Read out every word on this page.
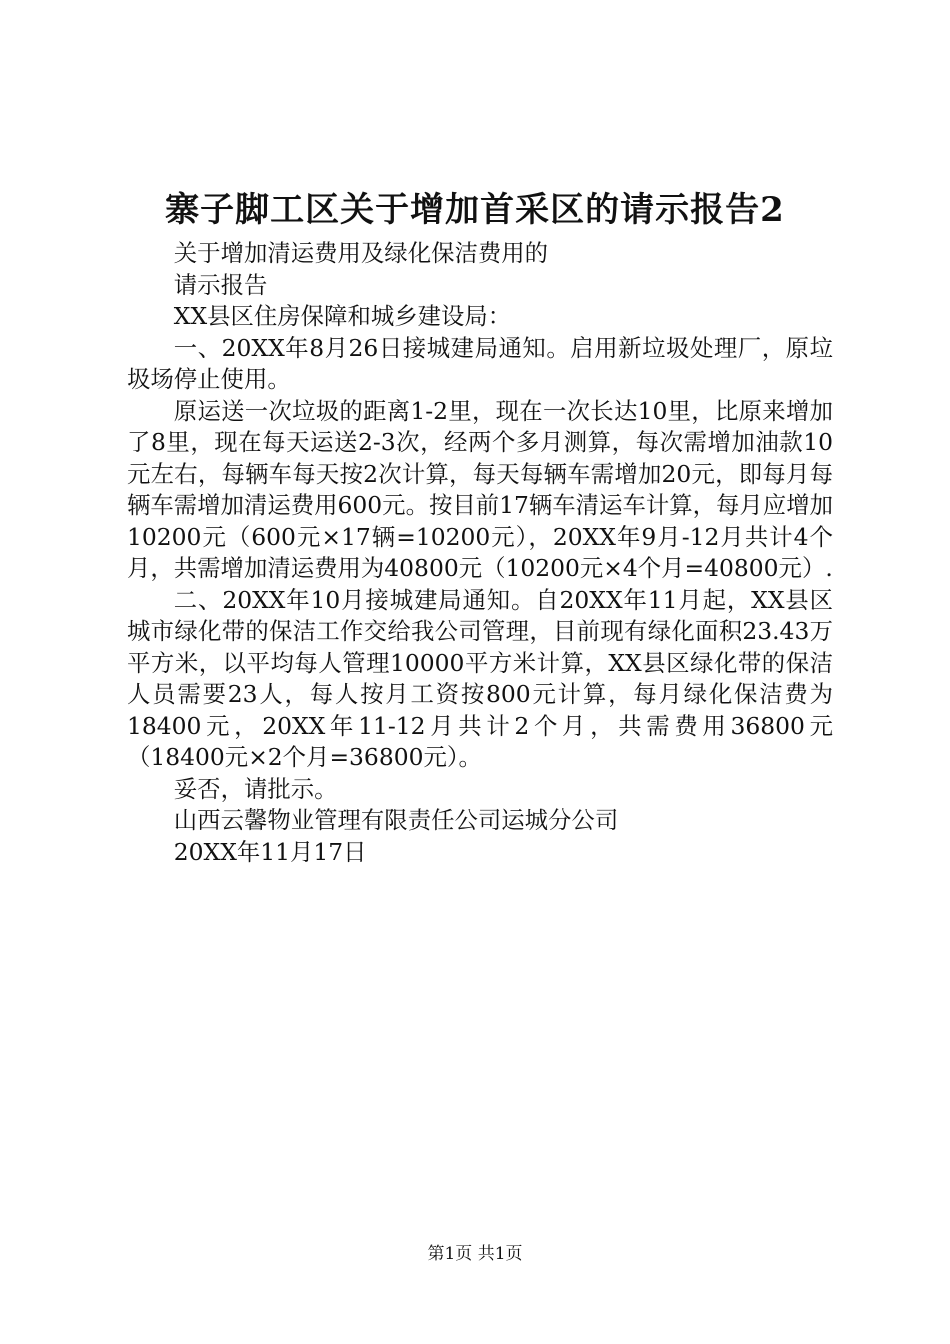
寨子脚工区关于增加首采区的请示报告2

关于增加清运费用及绿化保洁费用的

请示报告

XX县区住房保障和城乡建设局：

一、20XX年8月26日接城建局通知。启用新垃圾处理厂，原垃圾场停止使用。

原运送一次垃圾的距离1-2里，现在一次长达10里，比原来增加了8里，现在每天运送2-3次，经两个多月测算，每次需增加油款10元左右，每辆车每天按2次计算，每天每辆车需增加20元，即每月每辆车需增加清运费用600元。按目前17辆车清运车计算，每月应增加10200元（600元×17辆=10200元），20XX年9月-12月共计4个月，共需增加清运费用为40800元（10200元×4个月=40800元）.

二、20XX年10月接城建局通知。自20XX年11月起，XX县区城市绿化带的保洁工作交给我公司管理，目前现有绿化面积23.43万平方米，以平均每人管理10000平方米计算，XX县区绿化带的保洁人员需要23人，每人按月工资按800元计算，每月绿化保洁费为18400元，20XX年11-12月共计2个月，共需费用36800元（18400元×2个月=36800元）。

妥否，请批示。

山西云馨物业管理有限责任公司运城分公司

20XX年11月17日

第1页 共1页
